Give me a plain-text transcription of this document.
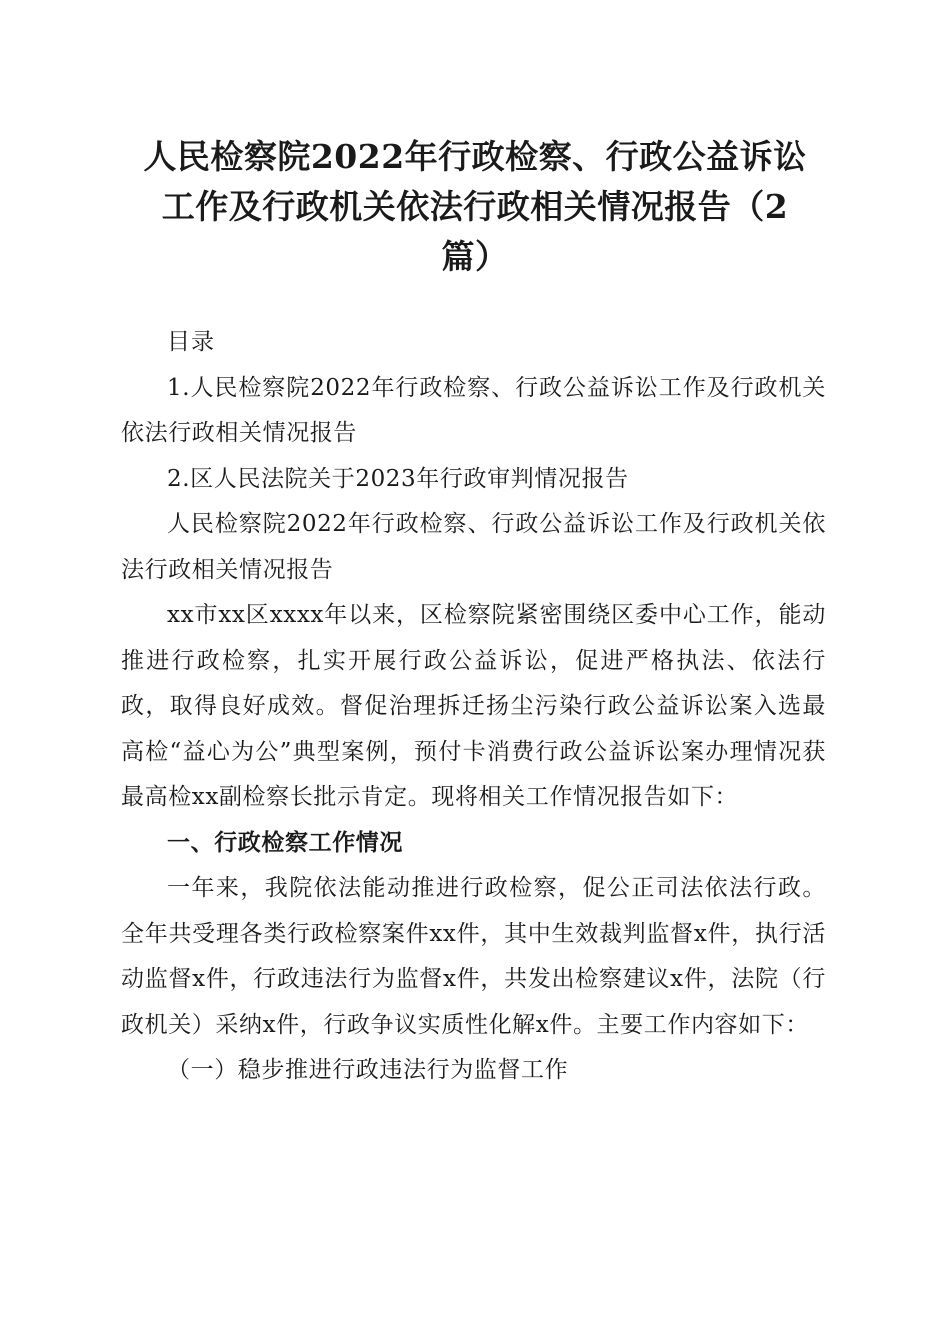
人民检察院2022年行政检察、行政公益诉讼
工作及行政机关依法行政相关情况报告（2
篇）

目录

1.人民检察院2022年行政检察、行政公益诉讼工作及行政机关依法行政相关情况报告

2.区人民法院关于2023年行政审判情况报告

人民检察院2022年行政检察、行政公益诉讼工作及行政机关依法行政相关情况报告

xx市xx区xxxx年以来，区检察院紧密围绕区委中心工作，能动推进行政检察，扎实开展行政公益诉讼，促进严格执法、依法行政，取得良好成效。督促治理拆迁扬尘污染行政公益诉讼案入选最高检“益心为公”典型案例，预付卡消费行政公益诉讼案办理情况获最高检xx副检察长批示肯定。现将相关工作情况报告如下：

一、行政检察工作情况

一年来，我院依法能动推进行政检察，促公正司法依法行政。全年共受理各类行政检察案件xx件，其中生效裁判监督x件，执行活动监督x件，行政违法行为监督x件，共发出检察建议x件，法院（行政机关）采纳x件，行政争议实质性化解x件。主要工作内容如下：

（一）稳步推进行政违法行为监督工作
